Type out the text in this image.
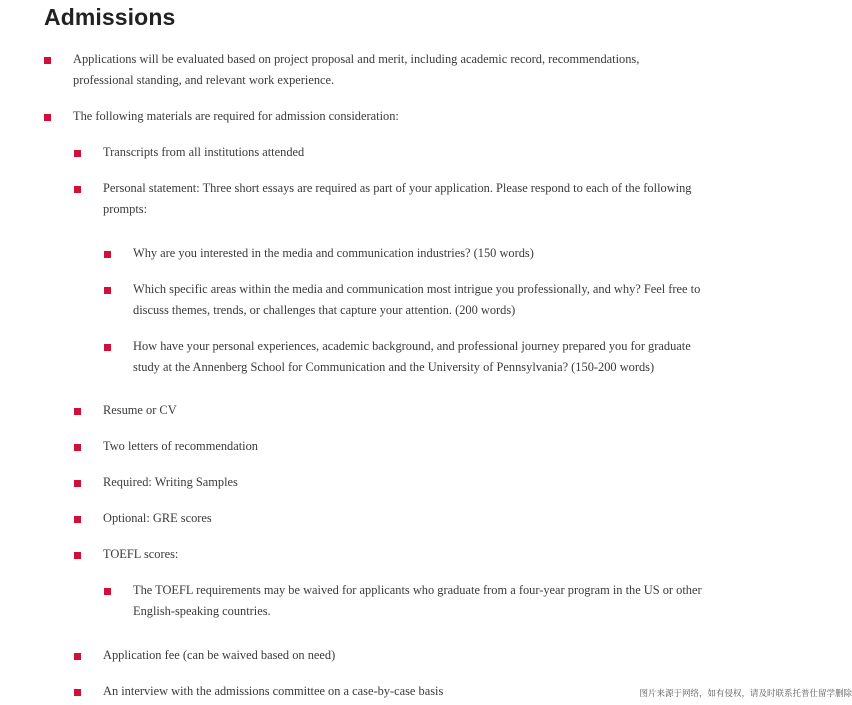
Admissions
Applications will be evaluated based on project proposal and merit, including academic record, recommendations,
professional standing, and relevant work experience.
The following materials are required for admission consideration:
Transcripts from all institutions attended
Personal statement: Three short essays are required as part of your application. Please respond to each of the following
prompts:
Why are you interested in the media and communication industries? (150 words)
Which specific areas within the media and communication most intrigue you professionally, and why? Feel free to
discuss themes, trends, or challenges that capture your attention. (200 words)
How have your personal experiences, academic background, and professional journey prepared you for graduate
study at the Annenberg School for Communication and the University of Pennsylvania? (150-200 words)
Resume or CV
Two letters of recommendation
Required: Writing Samples
Optional: GRE scores
TOEFL scores:
The TOEFL requirements may be waived for applicants who graduate from a four-year program in the US or other
English-speaking countries.
Application fee (can be waived based on need)
An interview with the admissions committee on a case-by-case basis	图片来源于网络，如有侵权，请及时联系托普仕留学删除
